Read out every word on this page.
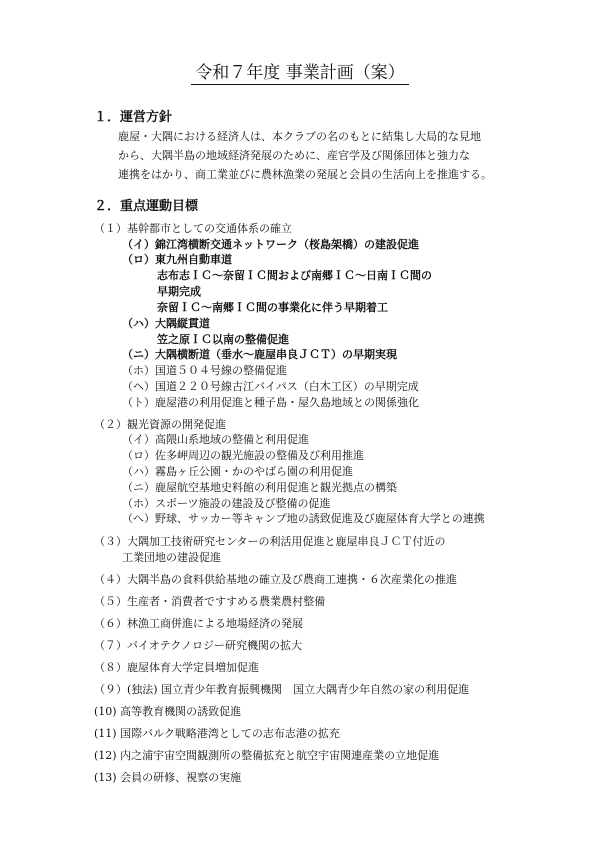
令和７年度 事業計画（案）
１．運営方針
鹿屋・大隅における経済人は、本クラブの名のもとに結集し大局的な見地
から、大隅半島の地域経済発展のために、産官学及び関係団体と強力な
連携をはかり、商工業並びに農林漁業の発展と会員の生活向上を推進する。
２．重点運動目標
（１）基幹都市としての交通体系の確立
（イ）錦江湾横断交通ネットワーク（桜島架橋）の建設促進
（ロ）東九州自動車道
志布志ＩＣ～奈留ＩＣ間および南郷ＩＣ～日南ＩＣ間の
早期完成
奈留ＩＣ～南郷ＩＣ間の事業化に伴う早期着工
（ハ）大隅縦貫道
笠之原ＩＣ以南の整備促進
（ニ）大隅横断道（垂水～鹿屋串良ＪＣＴ）の早期実現
（ホ）国道５０４号線の整備促進
（ヘ）国道２２０号線古江バイパス（白木工区）の早期完成
（ト）鹿屋港の利用促進と種子島・屋久島地域との関係強化
（２）観光資源の開発促進
（イ）高隈山系地域の整備と利用促進
（ロ）佐多岬周辺の観光施設の整備及び利用推進
（ハ）霧島ヶ丘公園・かのやばら園の利用促進
（ニ）鹿屋航空基地史料館の利用促進と観光拠点の構築
（ホ）スポーツ施設の建設及び整備の促進
（へ）野球、サッカー等キャンプ地の誘致促進及び鹿屋体育大学との連携
（３）大隅加工技術研究センターの利活用促進と鹿屋串良ＪＣＴ付近の
工業団地の建設促進
（４）大隅半島の食料供給基地の確立及び農商工連携・６次産業化の推進
（５）生産者・消費者ですすめる農業農村整備
（６）林漁工商併進による地場経済の発展
（７）バイオテクノロジー研究機関の拡大
（８）鹿屋体育大学定員増加促進
（９）(独法) 国立青少年教育振興機関　国立大隅青少年自然の家の利用促進
(10) 高等教育機関の誘致促進
(11) 国際バルク戦略港湾としての志布志港の拡充
(12) 内之浦宇宙空間観測所の整備拡充と航空宇宙関連産業の立地促進
(13) 会員の研修、視察の実施
